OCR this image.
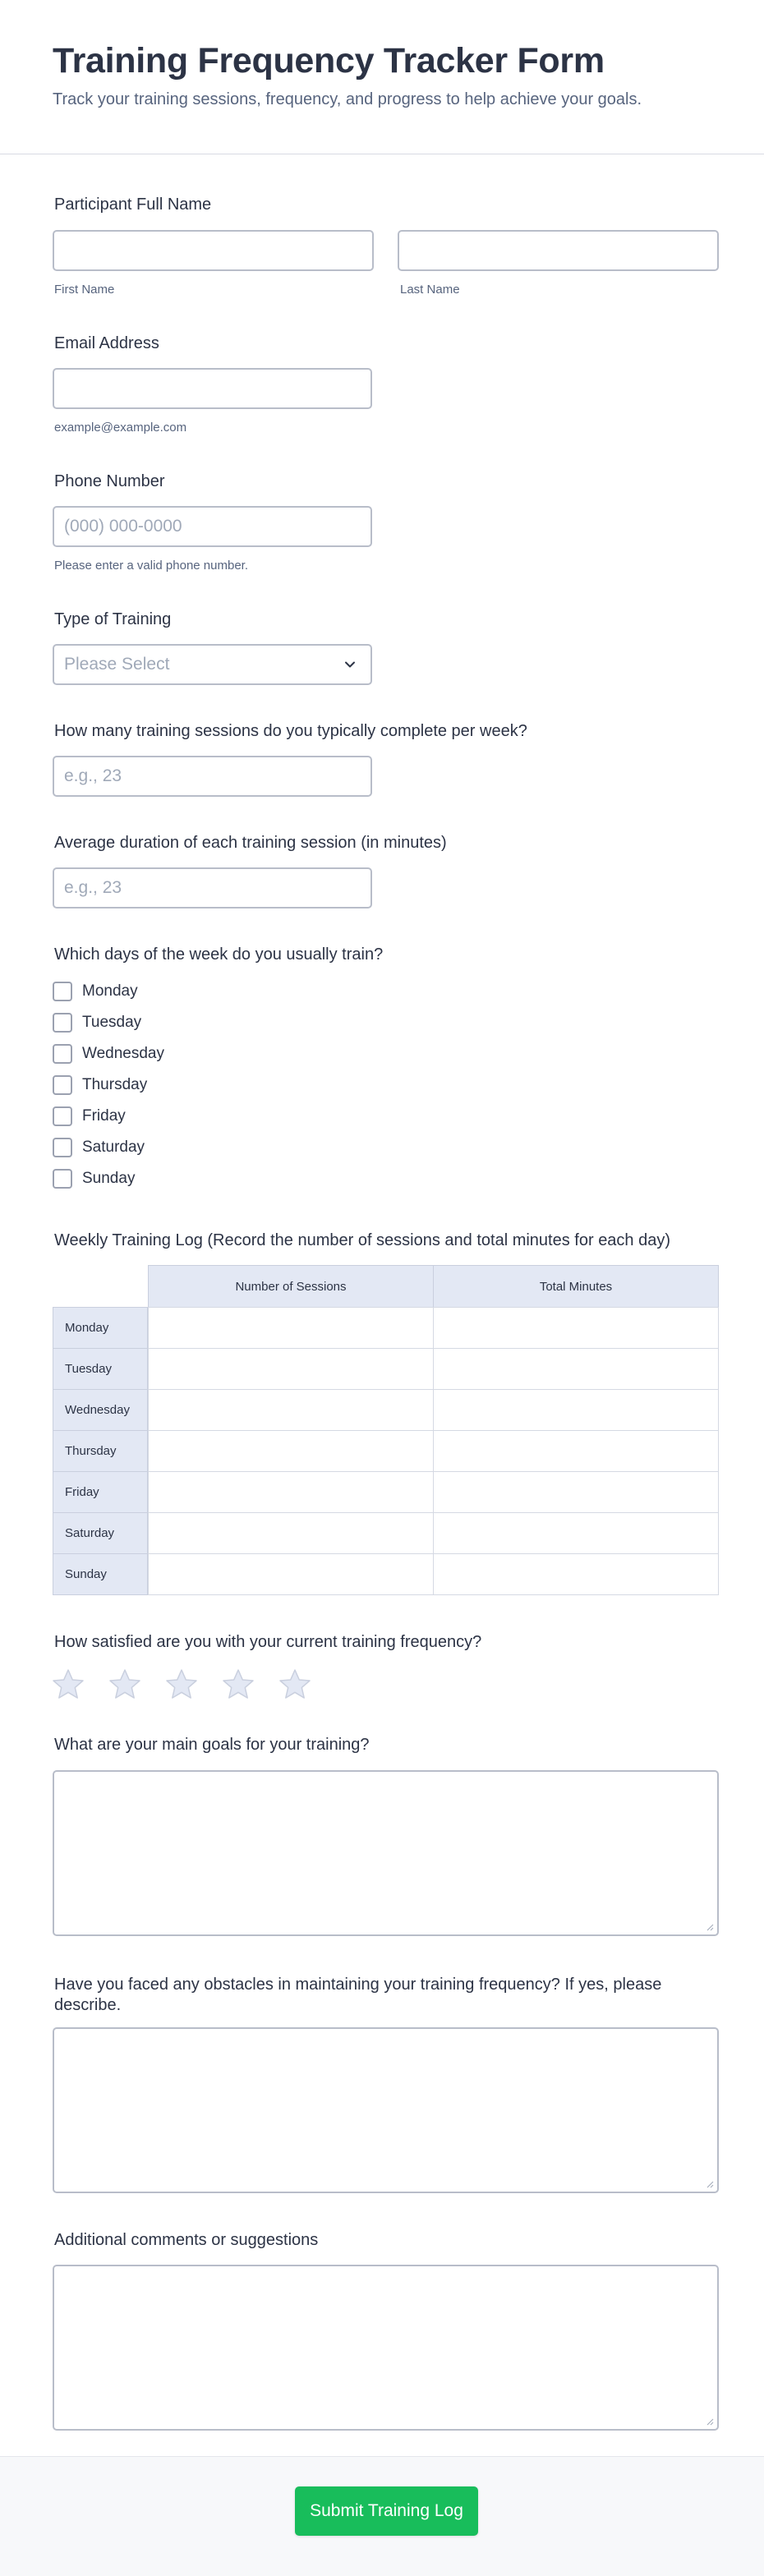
Training Frequency Tracker Form
Track your training sessions, frequency, and progress to help achieve your goals.
Participant Full Name
First Name	Last Name
Email Address
example@example.com
Phone Number
(000) 000-0000
Please enter a valid phone number.
Type of Training
Please Select
How many training sessions do you typically complete per week?
e.g., 23
Average duration of each training session (in minutes)
e.g., 23
Which days of the week do you usually train?
Monday
Tuesday
Wednesday
Thursday
Friday
Saturday
Sunday
Weekly Training Log (Record the number of sessions and total minutes for each day)
Number of Sessions	Total Minutes
Monday
Tuesday
Wednesday
Thursday
Friday
Saturday
Sunday
How satisfied are you with your current training frequency?
What are your main goals for your training?
Have you faced any obstacles in maintaining your training frequency? If yes, please describe.
Additional comments or suggestions
Submit Training Log
